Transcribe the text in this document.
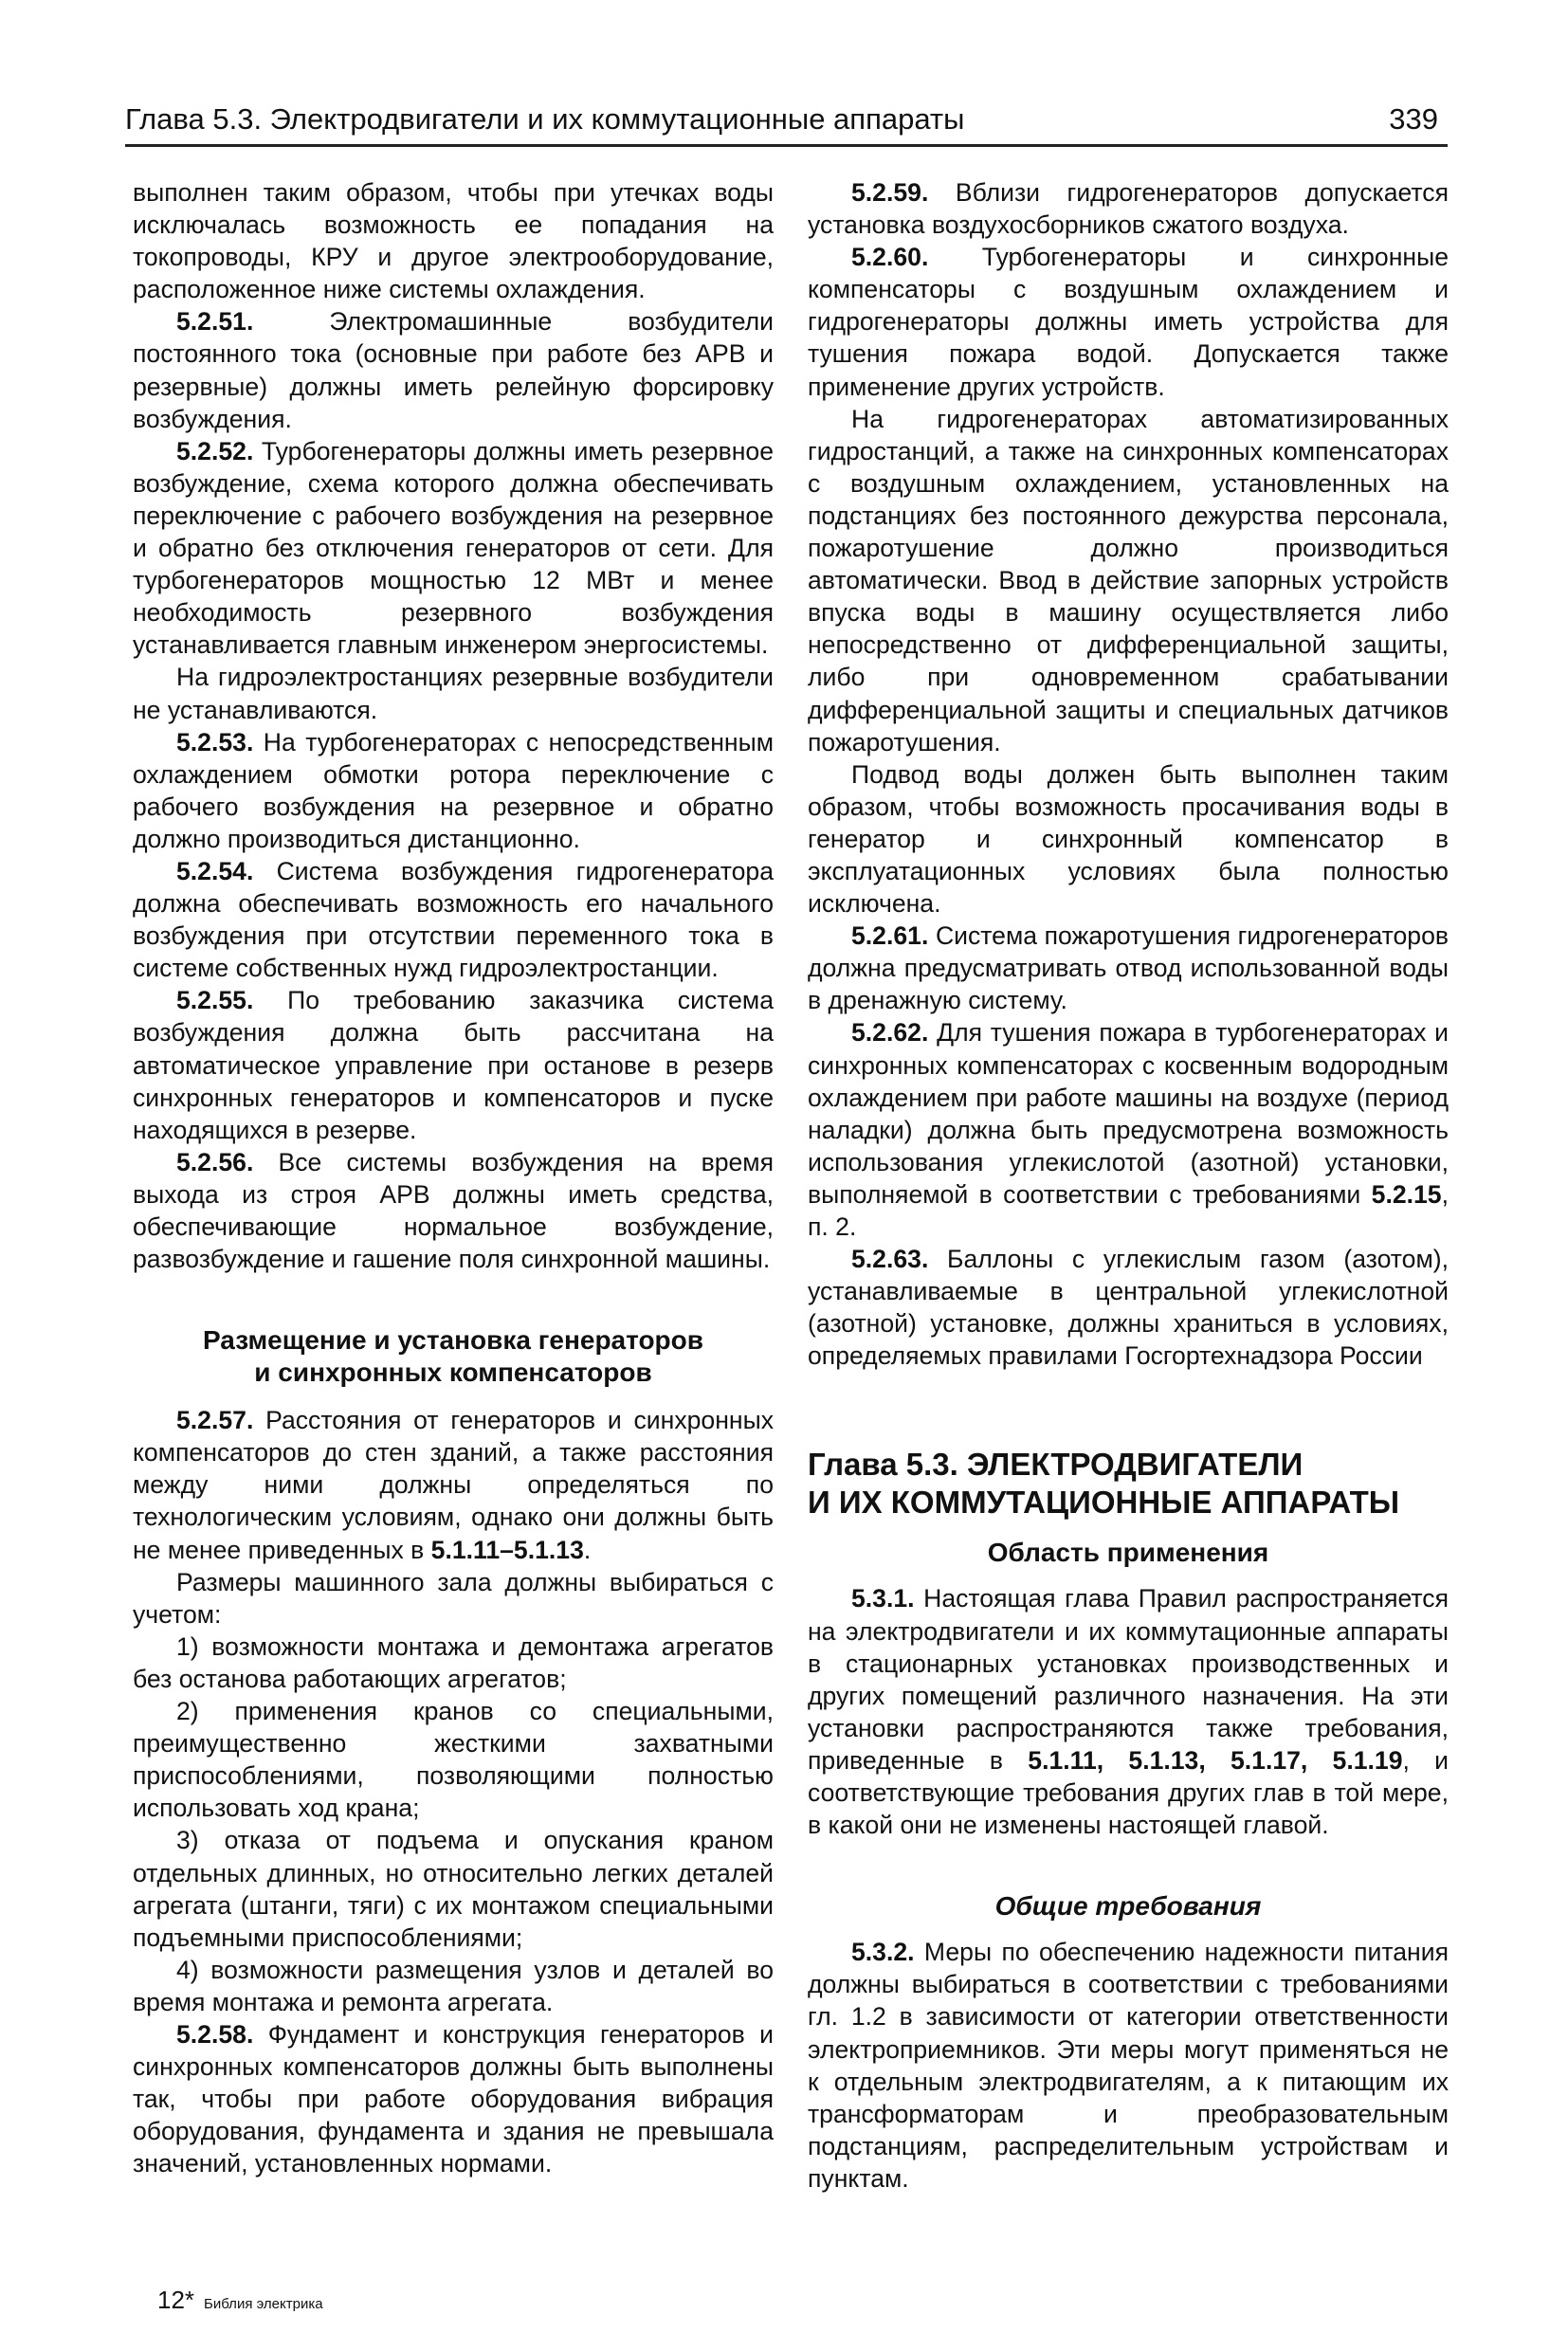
Глава 5.3. Электродвигатели и их коммутационные аппараты	339

выполнен таким образом, чтобы при утечках воды исключалась возможность ее попадания на токопроводы, КРУ и другое электрооборудование, расположенное ниже системы охлаждения.

5.2.51. Электромашинные возбудители постоянного тока (основные при работе без АРВ и резервные) должны иметь релейную форсировку возбуждения.

5.2.52. Турбогенераторы должны иметь резервное возбуждение, схема которого должна обеспечивать переключение с рабочего возбуждения на резервное и обратно без отключения генераторов от сети. Для турбогенераторов мощностью 12 МВт и менее необходимость резервного возбуждения устанавливается главным инженером энергосистемы.

На гидроэлектростанциях резервные возбудители не устанавливаются.

5.2.53. На турбогенераторах с непосредственным охлаждением обмотки ротора переключение с рабочего возбуждения на резервное и обратно должно производиться дистанционно.

5.2.54. Система возбуждения гидрогенератора должна обеспечивать возможность его начального возбуждения при отсутствии переменного тока в системе собственных нужд гидроэлектростанции.

5.2.55. По требованию заказчика система возбуждения должна быть рассчитана на автоматическое управление при останове в резерв синхронных генераторов и компенсаторов и пуске находящихся в резерве.

5.2.56. Все системы возбуждения на время выхода из строя АРВ должны иметь средства, обеспечивающие нормальное возбуждение, развозбуждение и гашение поля синхронной машины.

Размещение и установка генераторов
и синхронных компенсаторов

5.2.57. Расстояния от генераторов и синхронных компенсаторов до стен зданий, а также расстояния между ними должны определяться по технологическим условиям, однако они должны быть не менее приведенных в 5.1.11–5.1.13.

Размеры машинного зала должны выбираться с учетом:

1) возможности монтажа и демонтажа агрегатов без останова работающих агрегатов;

2) применения кранов со специальными, преимущественно жесткими захватными приспособлениями, позволяющими полностью использовать ход крана;

3) отказа от подъема и опускания краном отдельных длинных, но относительно легких деталей агрегата (штанги, тяги) с их монтажом специальными подъемными приспособлениями;

4) возможности размещения узлов и деталей во время монтажа и ремонта агрегата.

5.2.58. Фундамент и конструкция генераторов и синхронных компенсаторов должны быть выполнены так, чтобы при работе оборудования вибрация оборудования, фундамента и здания не превышала значений, установленных нормами.

5.2.59. Вблизи гидрогенераторов допускается установка воздухосборников сжатого воздуха.

5.2.60. Турбогенераторы и синхронные компенсаторы с воздушным охлаждением и гидрогенераторы должны иметь устройства для тушения пожара водой. Допускается также применение других устройств.

На гидрогенераторах автоматизированных гидростанций, а также на синхронных компенсаторах с воздушным охлаждением, установленных на подстанциях без постоянного дежурства персонала, пожаротушение должно производиться автоматически. Ввод в действие запорных устройств впуска воды в машину осуществляется либо непосредственно от дифференциальной защиты, либо при одновременном срабатывании дифференциальной защиты и специальных датчиков пожаротушения.

Подвод воды должен быть выполнен таким образом, чтобы возможность просачивания воды в генератор и синхронный компенсатор в эксплуатационных условиях была полностью исключена.

5.2.61. Система пожаротушения гидрогенераторов должна предусматривать отвод использованной воды в дренажную систему.

5.2.62. Для тушения пожара в турбогенераторах и синхронных компенсаторах с косвенным водородным охлаждением при работе машины на воздухе (период наладки) должна быть предусмотрена возможность использования углекислотой (азотной) установки, выполняемой в соответствии с требованиями 5.2.15, п. 2.

5.2.63. Баллоны с углекислым газом (азотом), устанавливаемые в центральной углекислотной (азотной) установке, должны храниться в условиях, определяемых правилами Госгортехнадзора России

Глава 5.3. ЭЛЕКТРОДВИГАТЕЛИ
И ИХ КОММУТАЦИОННЫЕ АППАРАТЫ
Область применения

5.3.1. Настоящая глава Правил распространяется на электродвигатели и их коммутационные аппараты в стационарных установках производственных и других помещений различного назначения. На эти установки распространяются также требования, приведенные в 5.1.11, 5.1.13, 5.1.17, 5.1.19, и соответствующие требования других глав в той мере, в какой они не изменены настоящей главой.

Общие требования

5.3.2. Меры по обеспечению надежности питания должны выбираться в соответствии с требованиями гл. 1.2 в зависимости от категории ответственности электроприемников. Эти меры могут применяться не к отдельным электродвигателям, а к питающим их трансформаторам и преобразовательным подстанциям, распределительным устройствам и пунктам.

12* Библия электрика
